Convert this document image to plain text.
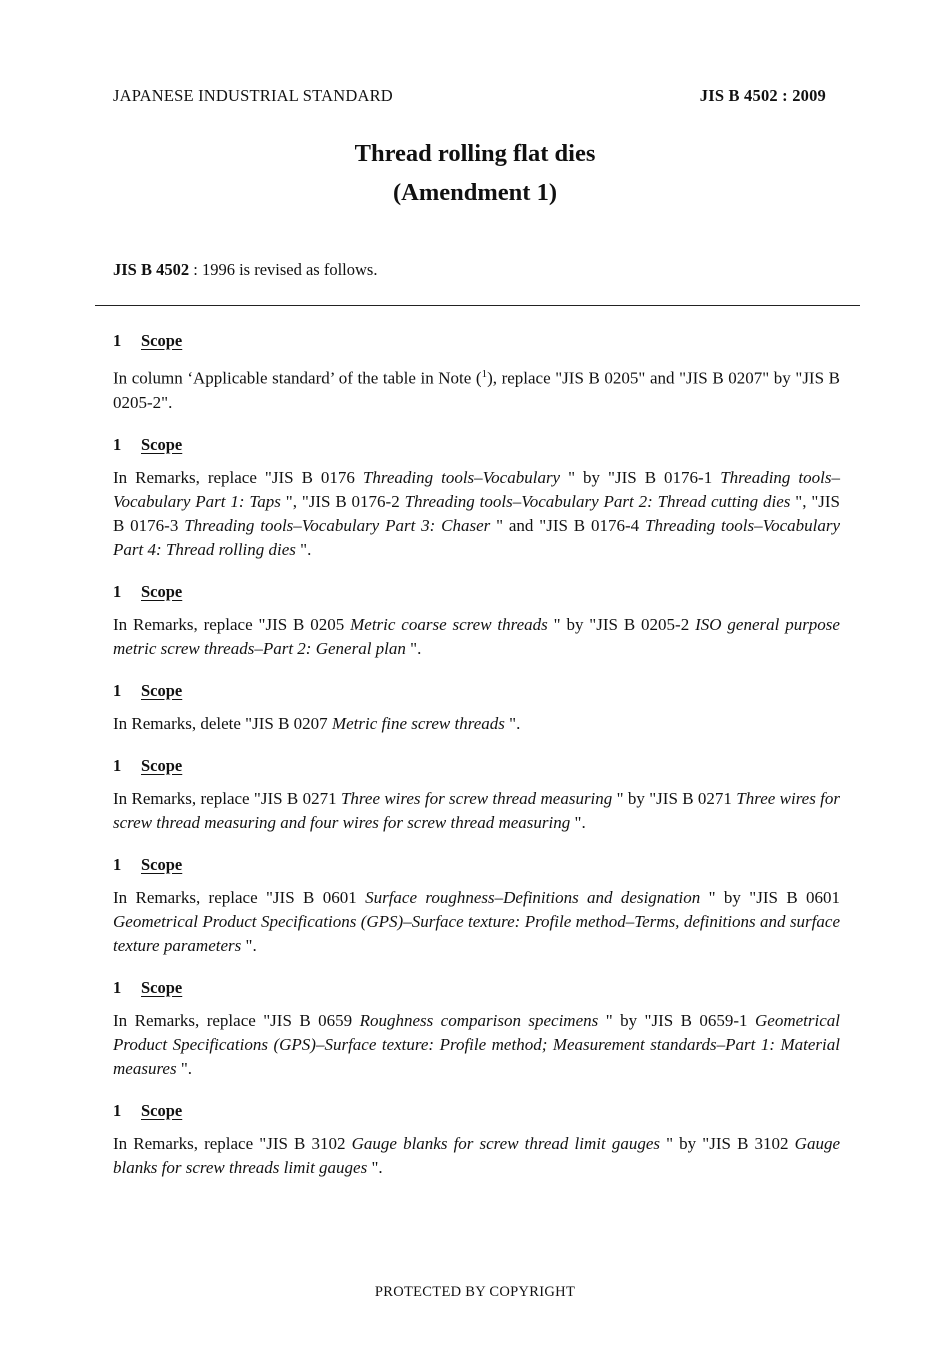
JAPANESE INDUSTRIAL STANDARD	JIS B 4502 : 2009
Thread rolling flat dies
(Amendment 1)
JIS B 4502 : 1996 is revised as follows.
1 Scope
In column ‘Applicable standard’ of the table in Note ($^1$), replace "JIS B 0205" and "JIS B 0207" by "JIS B 0205-2".
1 Scope
In Remarks, replace "JIS B 0176 Threading tools–Vocabulary " by "JIS B 0176-1 Threading tools–Vocabulary Part 1: Taps ", "JIS B 0176-2 Threading tools–Vocabulary Part 2: Thread cutting dies ", "JIS B 0176-3 Threading tools–Vocabulary Part 3: Chaser " and "JIS B 0176-4 Threading tools–Vocabulary Part 4: Thread rolling dies ".
1 Scope
In Remarks, replace "JIS B 0205 Metric coarse screw threads " by "JIS B 0205-2 ISO general purpose metric screw threads–Part 2: General plan ".
1 Scope
In Remarks, delete "JIS B 0207 Metric fine screw threads ".
1 Scope
In Remarks, replace "JIS B 0271 Three wires for screw thread measuring " by "JIS B 0271 Three wires for screw thread measuring and four wires for screw thread measuring ".
1 Scope
In Remarks, replace "JIS B 0601 Surface roughness–Definitions and designation " by "JIS B 0601 Geometrical Product Specifications (GPS)–Surface texture: Profile method–Terms, definitions and surface texture parameters ".
1 Scope
In Remarks, replace "JIS B 0659 Roughness comparison specimens " by "JIS B 0659-1 Geometrical Product Specifications (GPS)–Surface texture: Profile method; Measurement standards–Part 1: Material measures ".
1 Scope
In Remarks, replace "JIS B 3102 Gauge blanks for screw thread limit gauges " by "JIS B 3102 Gauge blanks for screw threads limit gauges ".
PROTECTED BY COPYRIGHT
